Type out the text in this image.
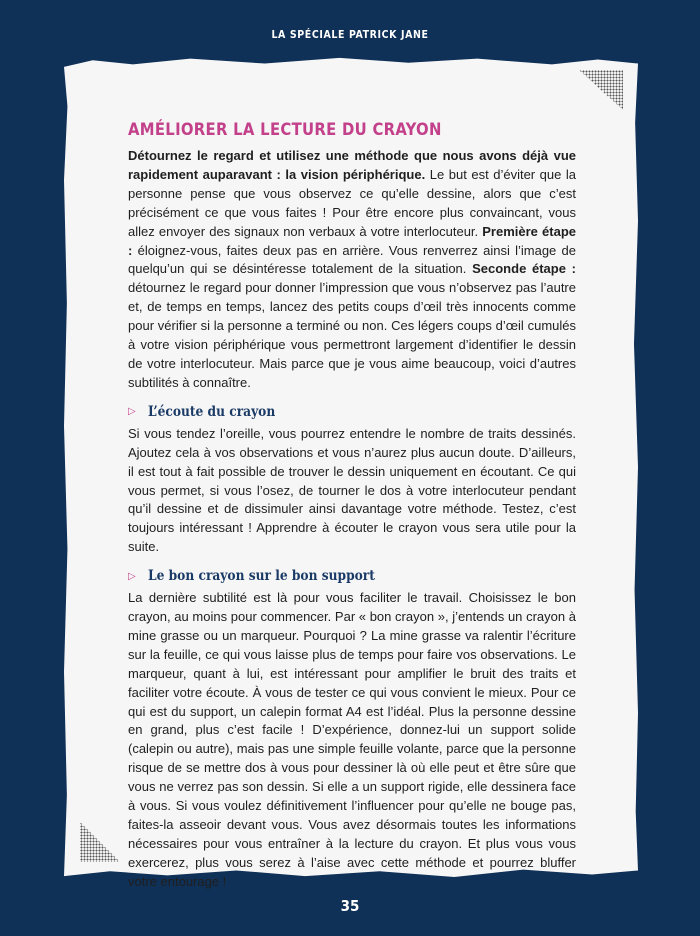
LA SPÉCIALE PATRICK JANE
AMÉLIORER LA LECTURE DU CRAYON

Détournez le regard et utilisez une méthode que nous avons déjà vue rapidement auparavant : la vision périphérique. Le but est d’éviter que la personne pense que vous observez ce qu’elle dessine, alors que c’est précisément ce que vous faites ! Pour être encore plus convaincant, vous allez envoyer des signaux non verbaux à votre interlocuteur. Première étape : éloignez-vous, faites deux pas en arrière. Vous renverrez ainsi l’image de quelqu’un qui se désintéresse totalement de la situation. Seconde étape : détournez le regard pour donner l’impression que vous n’observez pas l’autre et, de temps en temps, lancez des petits coups d’œil très innocents comme pour vérifier si la personne a terminé ou non. Ces légers coups d’œil cumulés à votre vision périphérique vous permettront largement d’identifier le dessin de votre interlocuteur. Mais parce que je vous aime beaucoup, voici d’autres subtilités à connaître.

▷ L’écoute du crayon

Si vous tendez l’oreille, vous pourrez entendre le nombre de traits dessinés. Ajoutez cela à vos observations et vous n’aurez plus aucun doute. D’ailleurs, il est tout à fait possible de trouver le dessin uniquement en écoutant. Ce qui vous permet, si vous l’osez, de tourner le dos à votre interlocuteur pendant qu’il dessine et de dissimuler ainsi davantage votre méthode. Testez, c’est toujours intéressant ! Apprendre à écouter le crayon vous sera utile pour la suite.

▷ Le bon crayon sur le bon support

La dernière subtilité est là pour vous faciliter le travail. Choisissez le bon crayon, au moins pour commencer. Par « bon crayon », j’entends un crayon à mine grasse ou un marqueur. Pourquoi ? La mine grasse va ralentir l’écriture sur la feuille, ce qui vous laisse plus de temps pour faire vos observations. Le marqueur, quant à lui, est intéressant pour amplifier le bruit des traits et faciliter votre écoute. À vous de tester ce qui vous convient le mieux. Pour ce qui est du support, un calepin format A4 est l’idéal. Plus la personne dessine en grand, plus c’est facile ! D’expérience, donnez-lui un support solide (calepin ou autre), mais pas une simple feuille volante, parce que la personne risque de se mettre dos à vous pour dessiner là où elle peut et être sûre que vous ne verrez pas son dessin. Si elle a un support rigide, elle dessinera face à vous. Si vous voulez définitivement l’influencer pour qu’elle ne bouge pas, faites-la asseoir devant vous. Vous avez désormais toutes les informations nécessaires pour vous entraîner à la lecture du crayon. Et plus vous vous exercerez, plus vous serez à l’aise avec cette méthode et pourrez bluffer votre entourage !

35
